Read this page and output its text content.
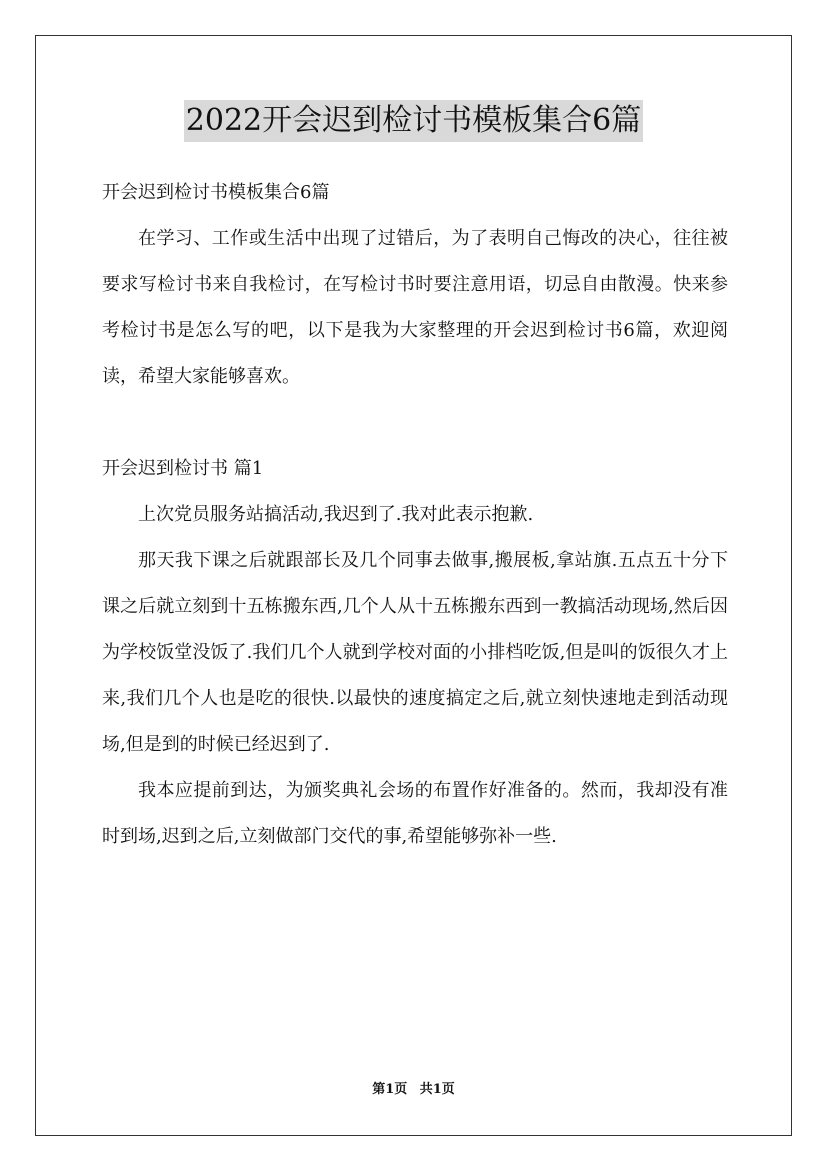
2022开会迟到检讨书模板集合6篇

开会迟到检讨书模板集合6篇

在学习、工作或生活中出现了过错后，为了表明自己悔改的决心，往往被要求写检讨书来自我检讨，在写检讨书时要注意用语，切忌自由散漫。快来参考检讨书是怎么写的吧，以下是我为大家整理的开会迟到检讨书6篇，欢迎阅读，希望大家能够喜欢。

开会迟到检讨书 篇1

上次党员服务站搞活动,我迟到了.我对此表示抱歉.

那天我下课之后就跟部长及几个同事去做事,搬展板,拿站旗.五点五十分下课之后就立刻到十五栋搬东西,几个人从十五栋搬东西到一教搞活动现场,然后因为学校饭堂没饭了.我们几个人就到学校对面的小排档吃饭,但是叫的饭很久才上来,我们几个人也是吃的很快.以最快的速度搞定之后,就立刻快速地走到活动现场,但是到的时候已经迟到了.

我本应提前到达，为颁奖典礼会场的布置作好准备的。然而，我却没有准时到场,迟到之后,立刻做部门交代的事,希望能够弥补一些.

第1页 共1页
